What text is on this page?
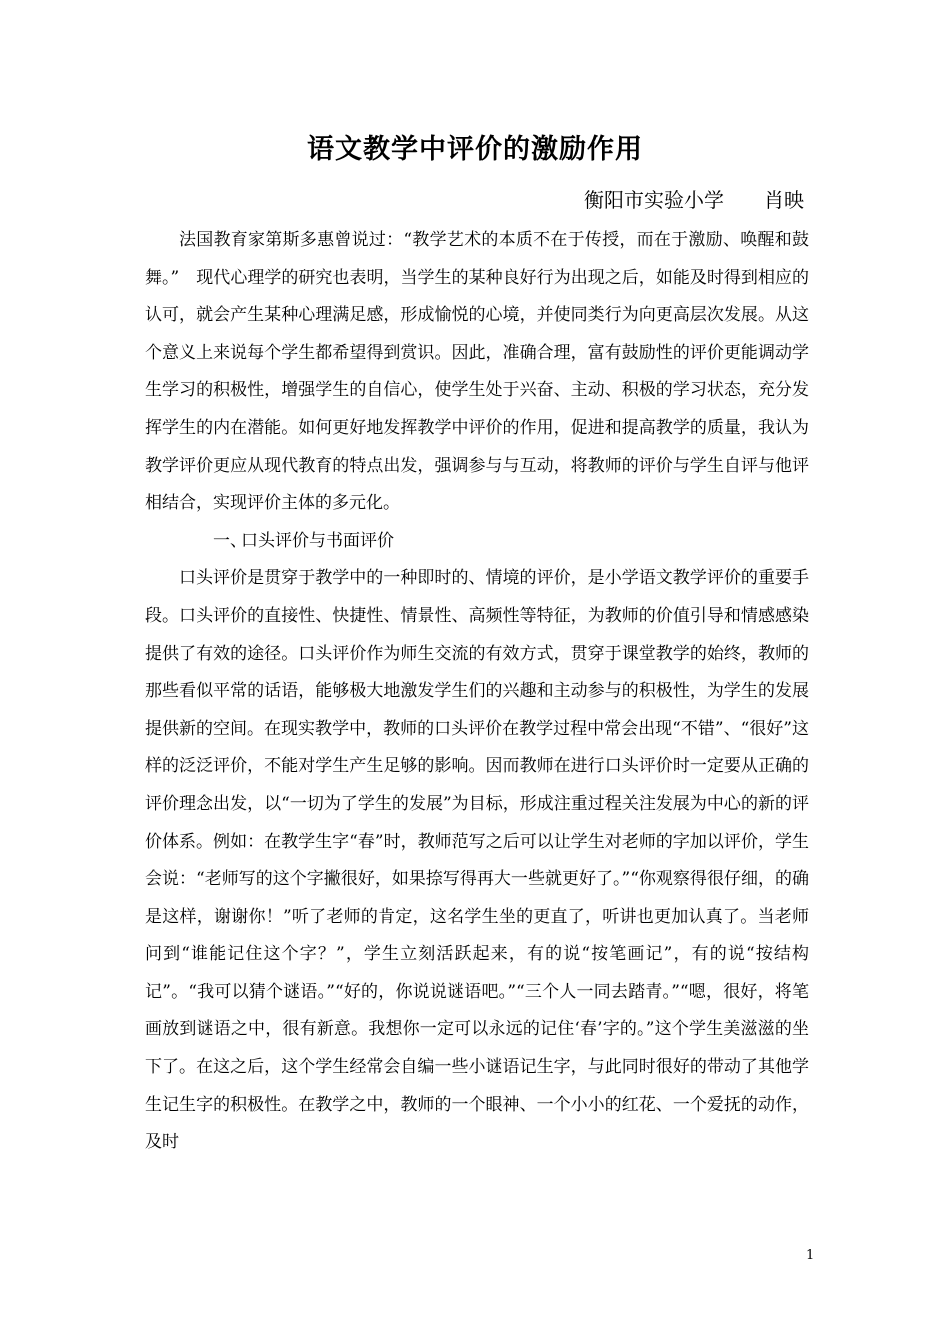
语文教学中评价的激励作用
衡阳市实验小学　　肖映

法国教育家第斯多惠曾说过：“教学艺术的本质不在于传授，而在于激励、唤醒和鼓舞。”　现代心理学的研究也表明，当学生的某种良好行为出现之后，如能及时得到相应的认可，就会产生某种心理满足感，形成愉悦的心境，并使同类行为向更高层次发展。从这个意义上来说每个学生都希望得到赏识。因此，准确合理，富有鼓励性的评价更能调动学生学习的积极性，增强学生的自信心，使学生处于兴奋、主动、积极的学习状态，充分发挥学生的内在潜能。如何更好地发挥教学中评价的作用，促进和提高教学的质量，我认为教学评价更应从现代教育的特点出发，强调参与与互动，将教师的评价与学生自评与他评相结合，实现评价主体的多元化。

一、口头评价与书面评价

口头评价是贯穿于教学中的一种即时的、情境的评价，是小学语文教学评价的重要手段。口头评价的直接性、快捷性、情景性、高频性等特征，为教师的价值引导和情感感染提供了有效的途径。口头评价作为师生交流的有效方式，贯穿于课堂教学的始终，教师的那些看似平常的话语，能够极大地激发学生们的兴趣和主动参与的积极性，为学生的发展提供新的空间。在现实教学中，教师的口头评价在教学过程中常会出现“不错”、“很好”这样的泛泛评价，不能对学生产生足够的影响。因而教师在进行口头评价时一定要从正确的评价理念出发，以“一切为了学生的发展”为目标，形成注重过程关注发展为中心的新的评价体系。例如：在教学生字“春”时，教师范写之后可以让学生对老师的字加以评价，学生会说：“老师写的这个字撇很好，如果捺写得再大一些就更好了。”“你观察得很仔细，的确是这样，谢谢你！”听了老师的肯定，这名学生坐的更直了，听讲也更加认真了。当老师问到“谁能记住这个字？”，学生立刻活跃起来，有的说“按笔画记”，有的说“按结构记”。“我可以猜个谜语。”“好的，你说说谜语吧。”“三个人一同去踏青。”“嗯，很好，将笔画放到谜语之中，很有新意。我想你一定可以永远的记住‘春’字的。”这个学生美滋滋的坐下了。在这之后，这个学生经常会自编一些小谜语记生字，与此同时很好的带动了其他学生记生字的积极性。在教学之中，教师的一个眼神、一个小小的红花、一个爱抚的动作，及时

1
